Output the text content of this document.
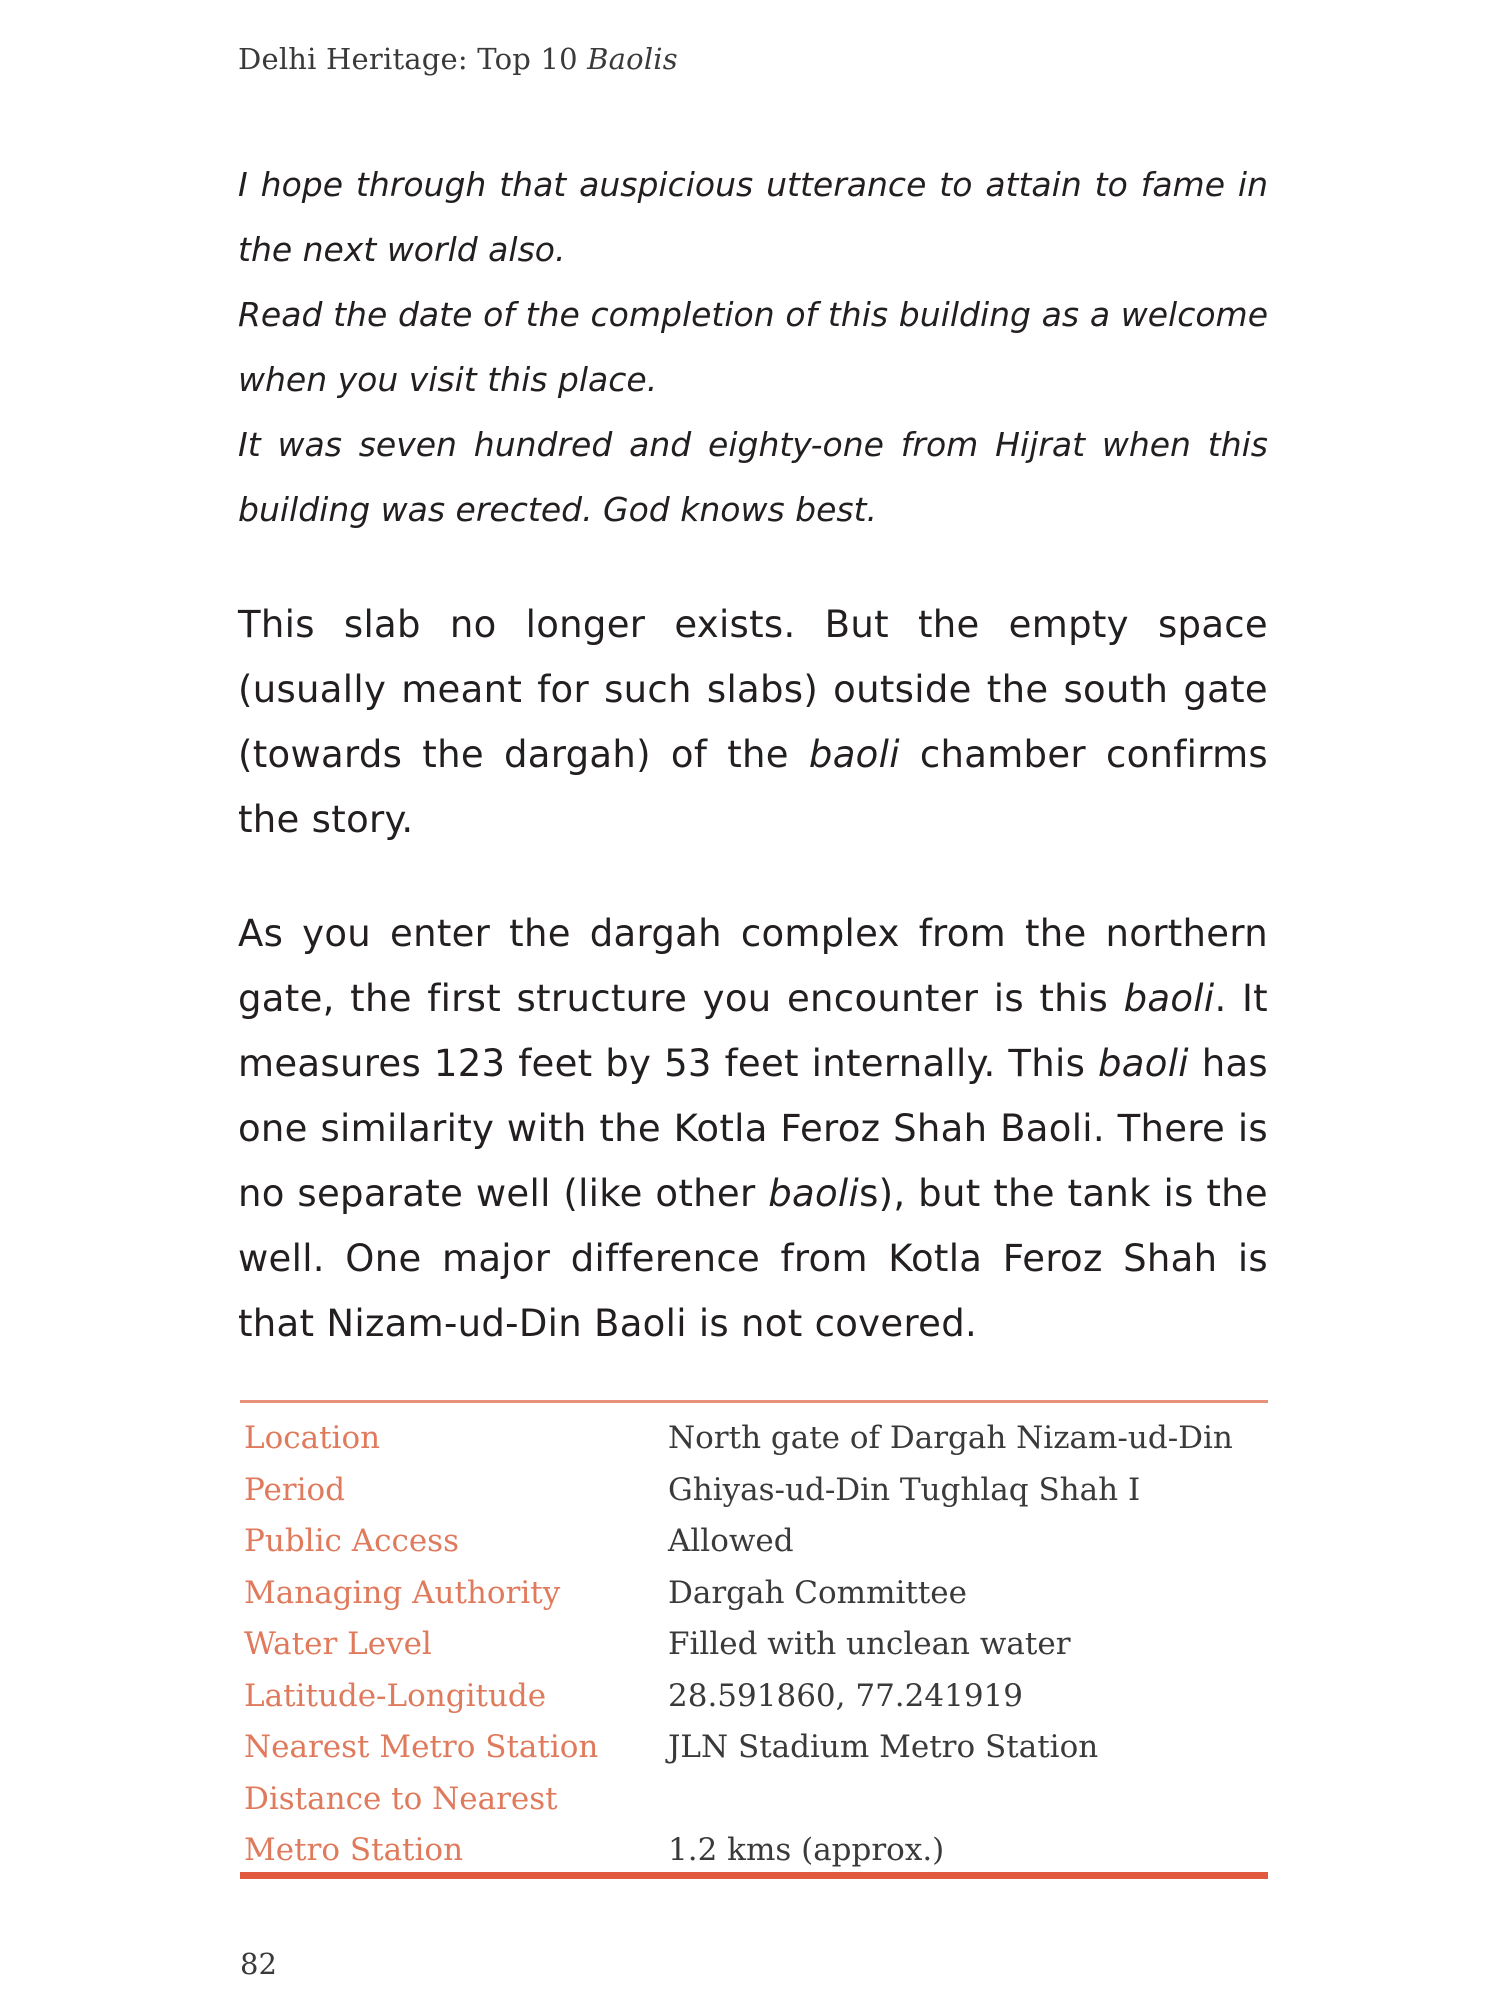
Delhi Heritage: Top 10 Baolis

I hope through that auspicious utterance to attain to fame in the next world also.

Read the date of the completion of this building as a welcome when you visit this place.

It was seven hundred and eighty-one from Hijrat when this building was erected. God knows best.

This slab no longer exists. But the empty space (usually meant for such slabs) outside the south gate (towards the dargah) of the baoli chamber confirms the story.

As you enter the dargah complex from the northern gate, the first structure you encounter is this baoli. It measures 123 feet by 53 feet internally. This baoli has one similarity with the Kotla Feroz Shah Baoli. There is no separate well (like other baolis), but the tank is the well. One major difference from Kotla Feroz Shah is that Nizam-ud-Din Baoli is not covered.

Location	North gate of Dargah Nizam-ud-Din
Period	Ghiyas-ud-Din Tughlaq Shah I
Public Access	Allowed
Managing Authority	Dargah Committee
Water Level	Filled with unclean water
Latitude-Longitude	28.591860, 77.241919
Nearest Metro Station	JLN Stadium Metro Station
Distance to Nearest
Metro Station	1.2 kms (approx.)
82
